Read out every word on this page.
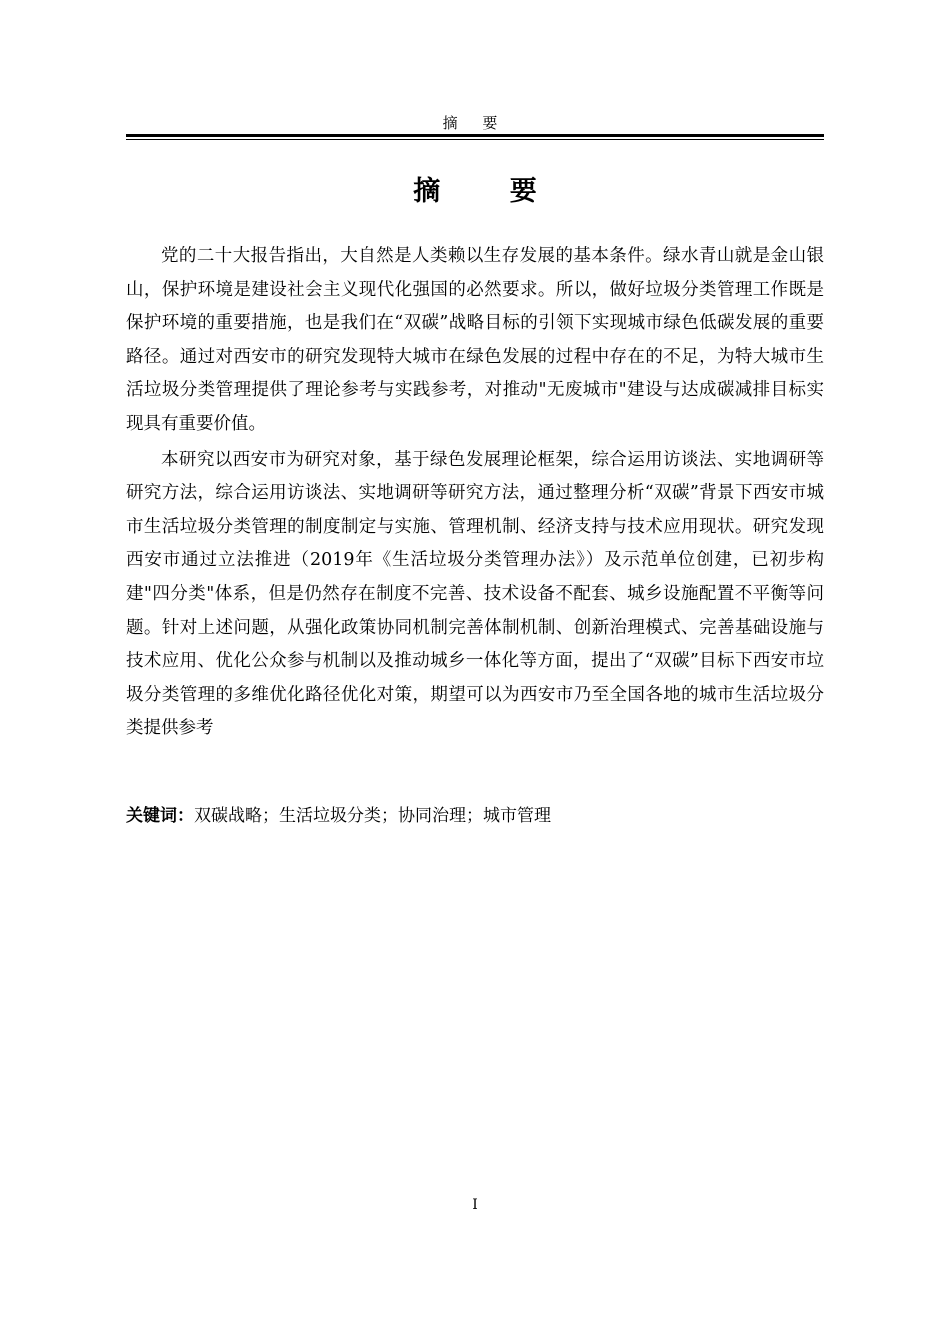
摘 要
摘 要

党的二十大报告指出，大自然是人类赖以生存发展的基本条件。绿水青山就是金山银山，保护环境是建设社会主义现代化强国的必然要求。所以，做好垃圾分类管理工作既是保护环境的重要措施，也是我们在“双碳”战略目标的引领下实现城市绿色低碳发展的重要路径。通过对西安市的研究发现特大城市在绿色发展的过程中存在的不足，为特大城市生活垃圾分类管理提供了理论参考与实践参考，对推动"无废城市"建设与达成碳减排目标实现具有重要价值。

本研究以西安市为研究对象，基于绿色发展理论框架，综合运用访谈法、实地调研等研究方法，综合运用访谈法、实地调研等研究方法，通过整理分析“双碳”背景下西安市城市生活垃圾分类管理的制度制定与实施、管理机制、经济支持与技术应用现状。研究发现西安市通过立法推进（2019年《生活垃圾分类管理办法》）及示范单位创建，已初步构建"四分类"体系，但是仍然存在制度不完善、技术设备不配套、城乡设施配置不平衡等问题。针对上述问题，从强化政策协同机制完善体制机制、创新治理模式、完善基础设施与技术应用、优化公众参与机制以及推动城乡一体化等方面，提出了“双碳”目标下西安市垃圾分类管理的多维优化路径优化对策，期望可以为西安市乃至全国各地的城市生活垃圾分类提供参考

关键词：双碳战略；生活垃圾分类；协同治理；城市管理
I
